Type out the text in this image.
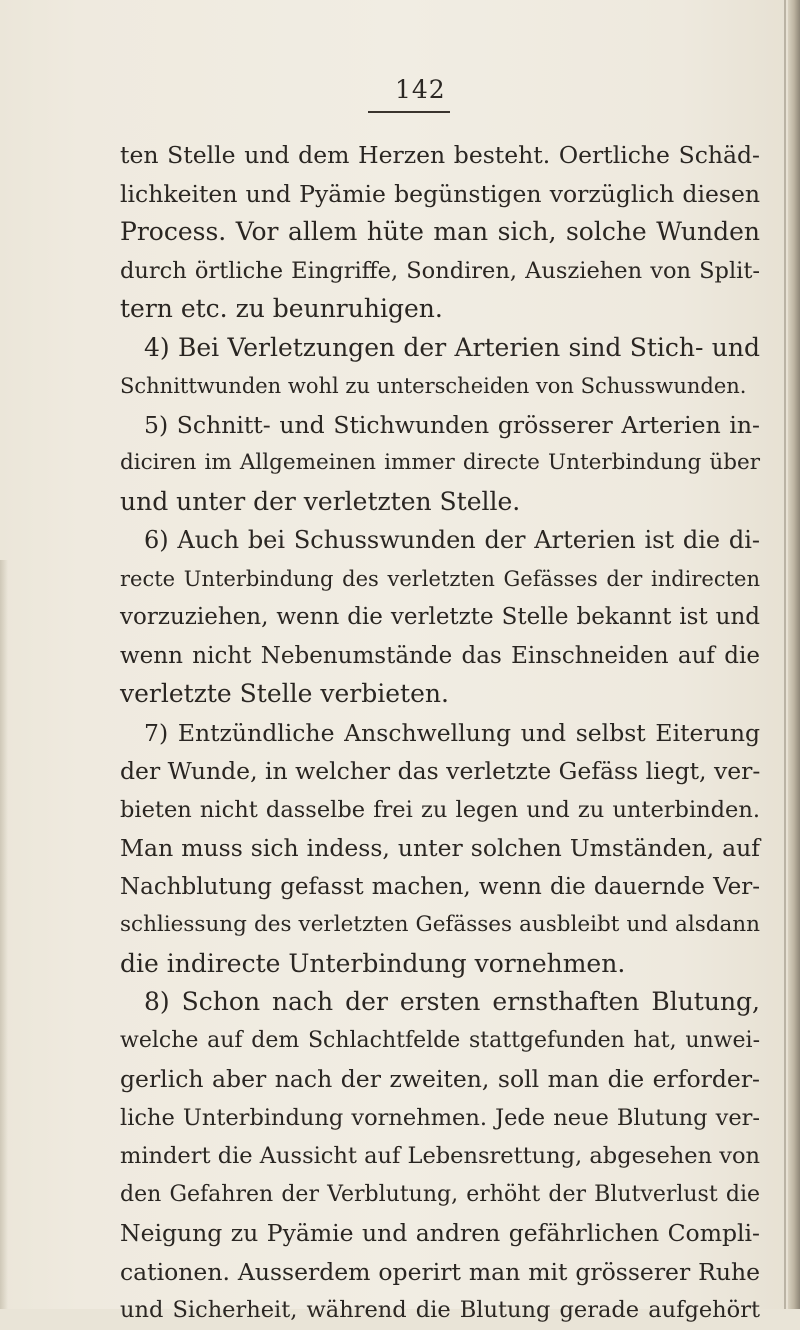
142
ten Stelle und dem Herzen besteht. Oertliche Schäd-
lichkeiten und Pyämie begünstigen vorzüglich diesen
Process. Vor allem hüte man sich, solche Wunden
durch örtliche Eingriffe, Sondiren, Ausziehen von Split-
tern etc. zu beunruhigen.
4) Bei Verletzungen der Arterien sind Stich- und
Schnittwunden wohl zu unterscheiden von Schusswunden.
5) Schnitt- und Stichwunden grösserer Arterien in-
diciren im Allgemeinen immer directe Unterbindung über
und unter der verletzten Stelle.
6) Auch bei Schusswunden der Arterien ist die di-
recte Unterbindung des verletzten Gefässes der indirecten
vorzuziehen, wenn die verletzte Stelle bekannt ist und
wenn nicht Nebenumstände das Einschneiden auf die
verletzte Stelle verbieten.
7) Entzündliche Anschwellung und selbst Eiterung
der Wunde, in welcher das verletzte Gefäss liegt, ver-
bieten nicht dasselbe frei zu legen und zu unterbinden.
Man muss sich indess, unter solchen Umständen, auf
Nachblutung gefasst machen, wenn die dauernde Ver-
schliessung des verletzten Gefässes ausbleibt und alsdann
die indirecte Unterbindung vornehmen.
8) Schon nach der ersten ernsthaften Blutung,
welche auf dem Schlachtfelde stattgefunden hat, unwei-
gerlich aber nach der zweiten, soll man die erforder-
liche Unterbindung vornehmen. Jede neue Blutung ver-
mindert die Aussicht auf Lebensrettung, abgesehen von
den Gefahren der Verblutung, erhöht der Blutverlust die
Neigung zu Pyämie und andren gefährlichen Compli-
cationen. Ausserdem operirt man mit grösserer Ruhe
und Sicherheit, während die Blutung gerade aufgehört
